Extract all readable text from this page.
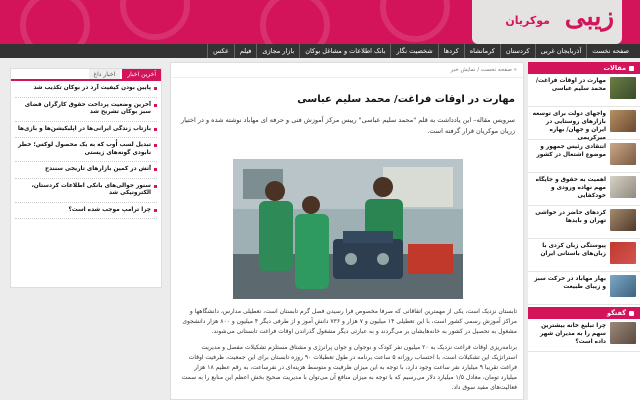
زیبی
موکریان
صفحه نخست
آذربایجان غربی
کردستان
کرمانشاه
کردها
شخصیت نگار
بانک اطلاعات و مشاغل بوکان
بازار مجازی
فیلم
عکس
مقالات
مهارت در اوقات فراغت/ محمد سلیم عباسی
واجهای دولت برای توسعه بازارهای روستایی در ایران و جهان/ بهاره میرکریمی
انتقادی رئیس جمهور و موضوع اشتغال در کشور
اهمیت به حقوق و جایگاه مهم نهاده ورودی و خودکفایی
کردهای حاضر در حواشی تهران و بایدها
پیوستگی زبان کردی با زبان‌های باستانی ایران
بهار مهاباد در حرکت سبز و زیبای طبیعت
گفتگو
چرا تبلیغ خانه بیشترین سهم را به مدیران شهر داده است؟
آخرین اخبار
اخبار داغ
پایین بودن کیفیت آرد در بوکان تکذیب شد
آخرین وضعیت پرداخت حقوق کارگران فضای سبز بوکان تشریح شد
بازتاب زندگی ایرانی‌ها در اپلیکیشن‌ها و بازی‌ها
تبدیل لسب اُوب که به یک محصول لوکس؛ خطر نابودی گونه‌های زیستی
آتش در کمین بازارهای تاریخی سنندج
سنور حوالی‌های بانکی اطلاعات کردستان، الکترونیکی شد
چرا ترامپ موجب شده است؟
« صفحه نخست / نمایش خبر
مهارت در اوقات فراغت/ محمد سلیم عباسی
سرویس مقاله– این یادداشت به قلم "محمد سلیم عباسی" رییس مرکز آموزش فنی و حرفه ای مهاباد نوشته شده و در اختیار زریان موکریان قرار گرفته است.

تابستان نزدیک است، یکی از مهمترین اتفاقاتی که صرفا مخصوص فرا رسیدن فصل گرم تابستان است، تعطیلی مدارس، دانشگاهها و مراکز آموزش رسمی کشور است، با این تعطیلی ۱۴ میلیون و ۷ هزار و ۷۳۶ دانش آموز و از طرفی دیگر ۴ میلیون و ۸۰۰ هزار دانشجوی مشغول به تحصیل در کشور به خانه‌هایشان بر می‌گردند و به عبارتی دیگر مشغول گذراندن اوقات فراغت تابستانی می‌شوند.

برنامه‌ریزی اوقات فراغت نزدیک به ۲۰ میلیون نفر کودک و نوجوان و جوان پرانرژی و مشتاق مستلزم تشکیلات مفصل و مدیریت استراتژیک این تشکیلات است، با احتساب روزانه ۵ ساعت برنامه در طول تعطیلات ۹۰ روزه تابستان برای این جمعیت، ظرفیت اوقات فراغت تقریبا ۹ میلیارد نفر ساعت وجود دارد، با توجه به این میزان ظرفیت و متوسط هزینه‌ای در نفرساعت، به رقم عظیم ۱۸ هزار میلیارد تومان، معادل ۱/۵ میلیارد دلار می‌رسیم که با توجه به میزان منافع آن می‌توان با مدیریت صحیح بخش اعظم این منابع را به سمت فعالیت‌های مفید سوق داد.
